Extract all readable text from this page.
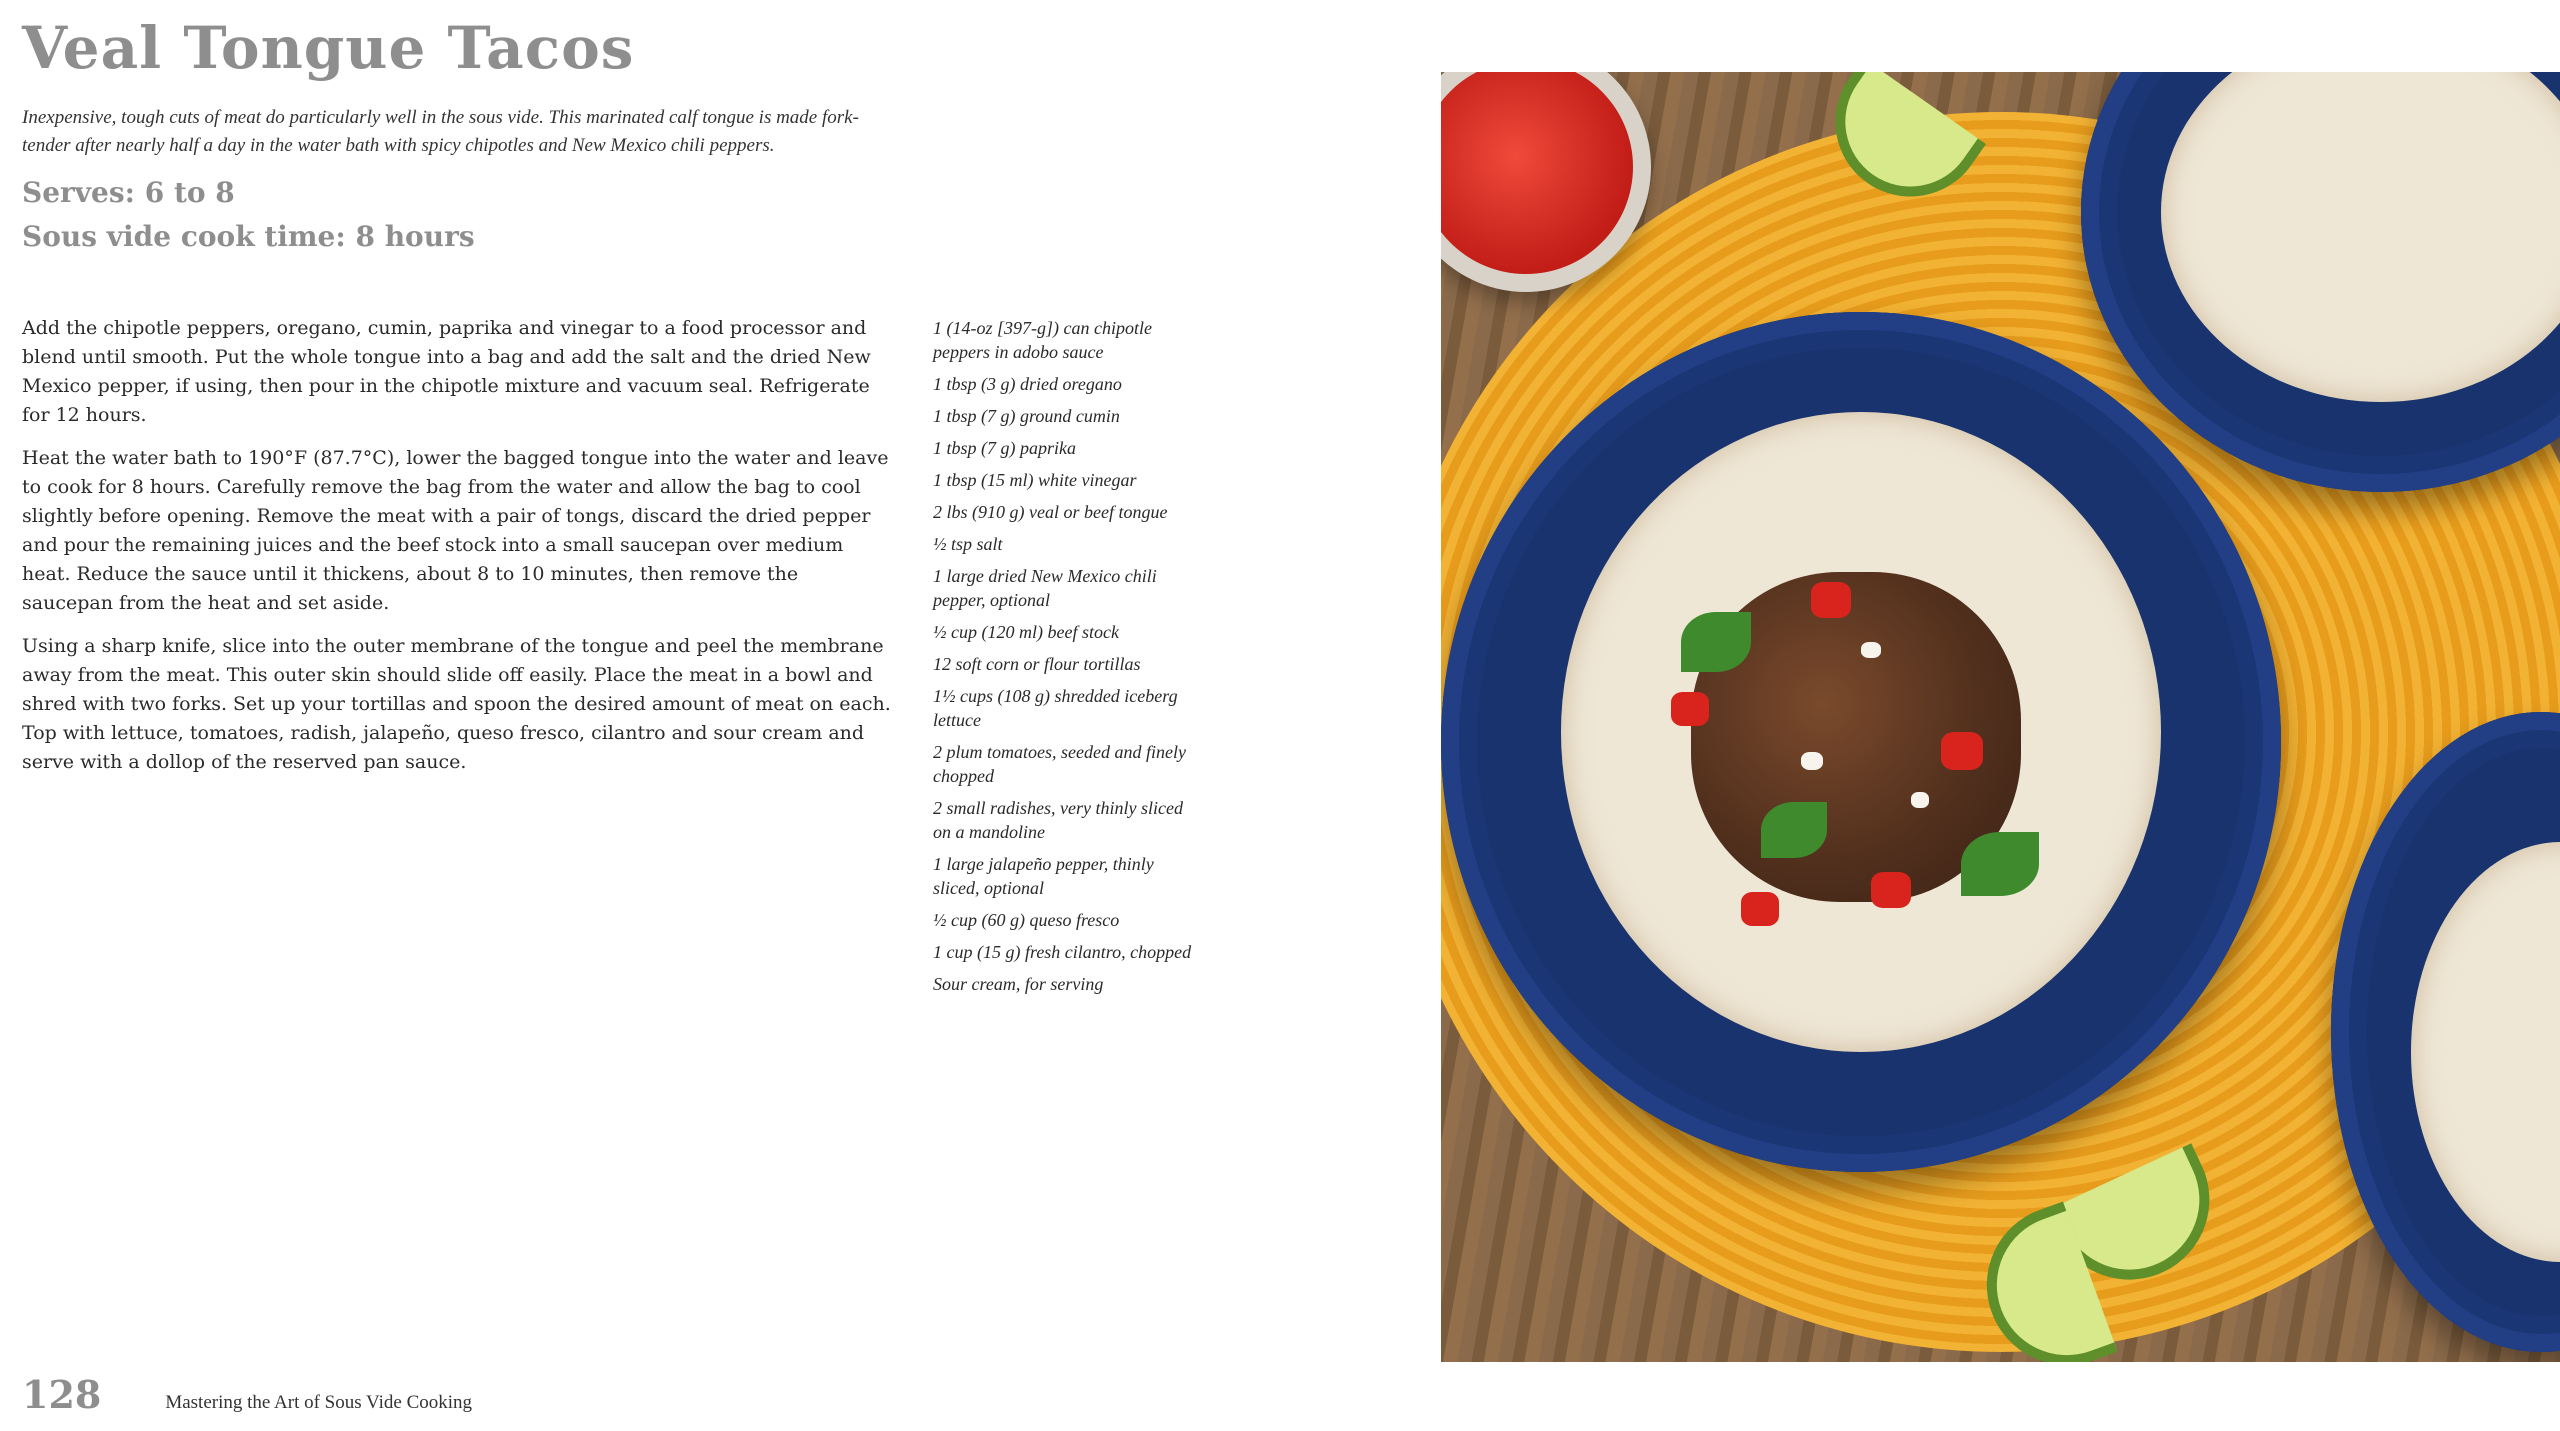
Veal Tongue Tacos

Inexpensive, tough cuts of meat do particularly well in the sous vide. This marinated calf tongue is made fork-tender after nearly half a day in the water bath with spicy chipotles and New Mexico chili peppers.

Serves: 6 to 8

Sous vide cook time: 8 hours

Add the chipotle peppers, oregano, cumin, paprika and vinegar to a food processor and blend until smooth. Put the whole tongue into a bag and add the salt and the dried New Mexico pepper, if using, then pour in the chipotle mixture and vacuum seal. Refrigerate for 12 hours.

Heat the water bath to 190°F (87.7°C), lower the bagged tongue into the water and leave to cook for 8 hours. Carefully remove the bag from the water and allow the bag to cool slightly before opening. Remove the meat with a pair of tongs, discard the dried pepper and pour the remaining juices and the beef stock into a small saucepan over medium heat. Reduce the sauce until it thickens, about 8 to 10 minutes, then remove the saucepan from the heat and set aside.

Using a sharp knife, slice into the outer membrane of the tongue and peel the membrane away from the meat. This outer skin should slide off easily. Place the meat in a bowl and shred with two forks. Set up your tortillas and spoon the desired amount of meat on each. Top with lettuce, tomatoes, radish, jalapeño, queso fresco, cilantro and sour cream and serve with a dollop of the reserved pan sauce.

1 (14-oz [397-g]) can chipotle peppers in adobo sauce
1 tbsp (3 g) dried oregano
1 tbsp (7 g) ground cumin
1 tbsp (7 g) paprika
1 tbsp (15 ml) white vinegar
2 lbs (910 g) veal or beef tongue
½ tsp salt
1 large dried New Mexico chili pepper, optional
½ cup (120 ml) beef stock
12 soft corn or flour tortillas
1½ cups (108 g) shredded iceberg lettuce
2 plum tomatoes, seeded and finely chopped
2 small radishes, very thinly sliced on a mandoline
1 large jalapeño pepper, thinly sliced, optional
½ cup (60 g) queso fresco
1 cup (15 g) fresh cilantro, chopped
Sour cream, for serving
128	Mastering the Art of Sous Vide Cooking
